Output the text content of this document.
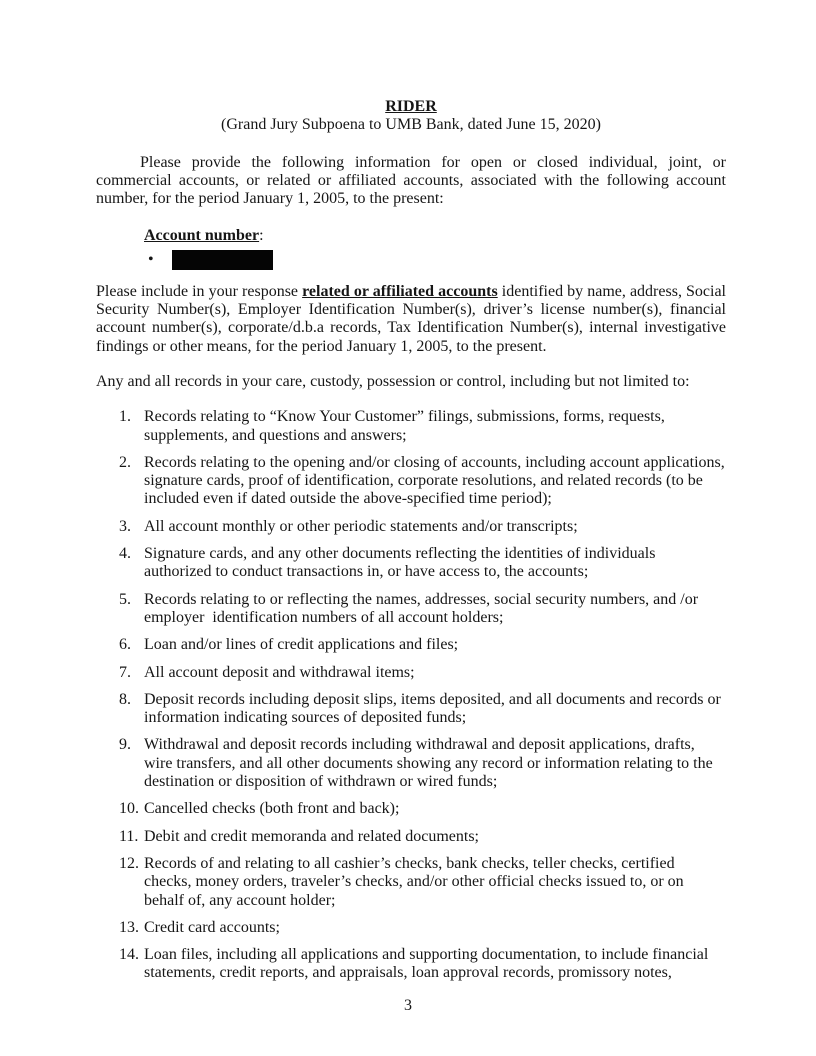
RIDER
(Grand Jury Subpoena to UMB Bank, dated June 15, 2020)

Please provide the following information for open or closed individual, joint, or commercial accounts, or related or affiliated accounts, associated with the following account number, for the period January 1, 2005, to the present:

Account number:
•

Please include in your response related or affiliated accounts identified by name, address, Social Security Number(s), Employer Identification Number(s), driver’s license number(s), financial account number(s), corporate/d.b.a records, Tax Identification Number(s), internal investigative findings or other means, for the period January 1, 2005, to the present.

Any and all records in your care, custody, possession or control, including but not limited to:

1. Records relating to “Know Your Customer” filings, submissions, forms, requests, supplements, and questions and answers;
2. Records relating to the opening and/or closing of accounts, including account applications, signature cards, proof of identification, corporate resolutions, and related records (to be included even if dated outside the above-specified time period);
3. All account monthly or other periodic statements and/or transcripts;
4. Signature cards, and any other documents reflecting the identities of individuals authorized to conduct transactions in, or have access to, the accounts;
5. Records relating to or reflecting the names, addresses, social security numbers, and /or employer  identification numbers of all account holders;
6. Loan and/or lines of credit applications and files;
7. All account deposit and withdrawal items;
8. Deposit records including deposit slips, items deposited, and all documents and records or information indicating sources of deposited funds;
9. Withdrawal and deposit records including withdrawal and deposit applications, drafts, wire transfers, and all other documents showing any record or information relating to the destination or disposition of withdrawn or wired funds;
10. Cancelled checks (both front and back);
11. Debit and credit memoranda and related documents;
12. Records of and relating to all cashier’s checks, bank checks, teller checks, certified checks, money orders, traveler’s checks, and/or other official checks issued to, or on behalf of, any account holder;
13. Credit card accounts;
14. Loan files, including all applications and supporting documentation, to include financial statements, credit reports, and appraisals, loan approval records, promissory notes,
3
